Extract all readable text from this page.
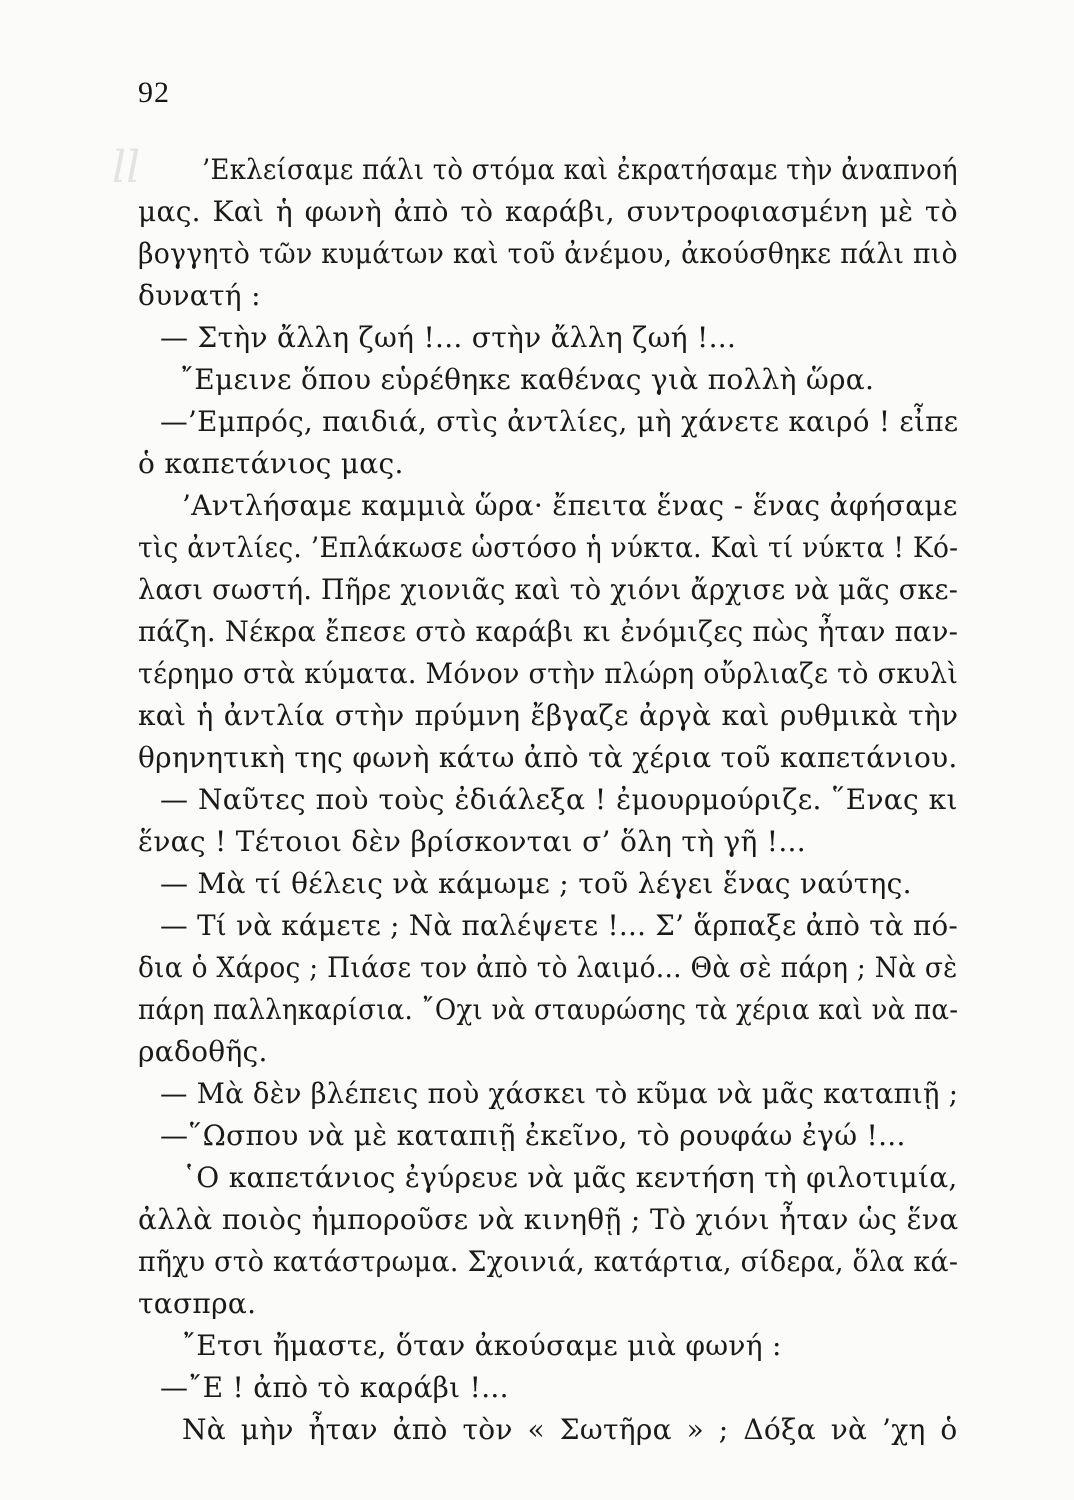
ll
92
’Εκλείσαμε πάλι τὸ στόμα καὶ ἐκρατήσαμε τὴν ἀναπνοή
μας. Καὶ ἡ φωνὴ ἀπὸ τὸ καράβι, συντροφιασμένη μὲ τὸ
βογγητὸ τῶν κυμάτων καὶ τοῦ ἀνέμου, ἀκούσθηκε πάλι πιὸ
δυνατή :
— Στὴν ἄλλη ζωή !... στὴν ἄλλη ζωή !...
῎Εμεινε ὅπου εὑρέθηκε καθένας γιὰ πολλὴ ὥρα.
—’Εμπρός, παιδιά, στὶς ἀντλίες, μὴ χάνετε καιρό ! εἶπε
ὁ καπετάνιος μας.
’Αντλήσαμε καμμιὰ ὥρα· ἔπειτα ἕνας - ἕνας ἀφήσαμε
τὶς ἀντλίες. ’Επλάκωσε ὡστόσο ἡ νύκτα. Καὶ τί νύκτα ! Κό-
λασι σωστή. Πῆρε χιονιᾶς καὶ τὸ χιόνι ἄρχισε νὰ μᾶς σκε-
πάζη. Νέκρα ἔπεσε στὸ καράβι κι ἐνόμιζες πὼς ἦταν παν-
τέρημο στὰ κύματα. Μόνον στὴν πλώρη οὔρλιαζε τὸ σκυλὶ
καὶ ἡ ἀντλία στὴν πρύμνη ἔβγαζε ἀργὰ καὶ ρυθμικὰ τὴν
θρηνητικὴ της φωνὴ κάτω ἀπὸ τὰ χέρια τοῦ καπετάνιου.
— Ναῦτες ποὺ τοὺς ἐδιάλεξα ! ἐμουρμούριζε. ῞Ενας κι
ἕνας ! Τέτοιοι δὲν βρίσκονται σ’ ὅλη τὴ γῆ !...
— Μὰ τί θέλεις νὰ κάμωμε ; τοῦ λέγει ἕνας ναύτης.
— Τί νὰ κάμετε ; Νὰ παλέψετε !... Σ’ ἅρπαξε ἀπὸ τὰ πό-
δια ὁ Χάρος ; Πιάσε τον ἀπὸ τὸ λαιμό... Θὰ σὲ πάρη ; Νὰ σὲ
πάρη παλληκαρίσια. ῎Οχι νὰ σταυρώσης τὰ χέρια καὶ νὰ πα-
ραδοθῆς.
— Μὰ δὲν βλέπεις ποὺ χάσκει τὸ κῦμα νὰ μᾶς καταπιῇ ;
—῞Ωσπου νὰ μὲ καταπιῇ ἐκεῖνο, τὸ ρουφάω ἐγώ !...
῾Ο καπετάνιος ἐγύρευε νὰ μᾶς κεντήση τὴ φιλοτιμία,
ἀλλὰ ποιὸς ἠμποροῦσε νὰ κινηθῇ ; Τὸ χιόνι ἦταν ὡς ἕνα
πῆχυ στὸ κατάστρωμα. Σχοινιά, κατάρτια, σίδερα, ὅλα κά-
τασπρα.
῎Ετσι ἤμαστε, ὅταν ἀκούσαμε μιὰ φωνή :
—῎Ε ! ἀπὸ τὸ καράβι !...
Νὰ μὴν ἦταν ἀπὸ τὸν « Σωτῆρα » ; Δόξα νὰ ’χη ὁ
